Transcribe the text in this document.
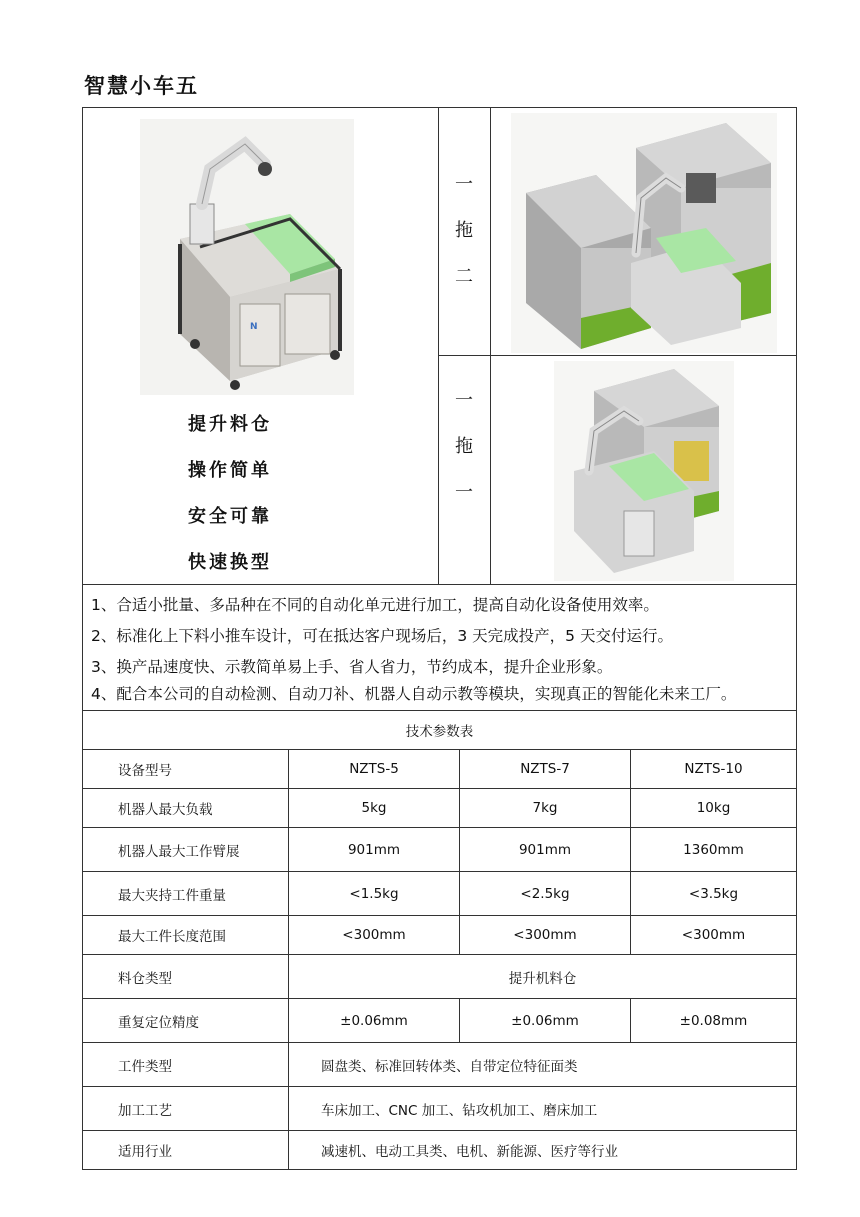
智慧小车五
N
提升料仓
操作简单
安全可靠
快速换型
一
拖
二
一
拖
一
1、合适小批量、多品种在不同的自动化单元进行加工，提高自动化设备使用效率。
2、标准化上下料小推车设计，可在抵达客户现场后，3 天完成投产，5 天交付运行。
3、换产品速度快、示教简单易上手、省人省力，节约成本，提升企业形象。
4、配合本公司的自动检测、自动刀补、机器人自动示教等模块，实现真正的智能化未来工厂。
技术参数表			
设备型号	NZTS-5	NZTS-7	NZTS-10
机器人最大负载	5kg	7kg	10kg
机器人最大工作臂展	901mm	901mm	1360mm
最大夹持工件重量	<1.5kg	<2.5kg	<3.5kg
最大工件长度范围	<300mm	<300mm	<300mm
料仓类型	提升机料仓		
重复定位精度	±0.06mm	±0.06mm	±0.08mm
工件类型	圆盘类、标准回转体类、自带定位特征面类		
加工工艺	车床加工、CNC 加工、钻攻机加工、磨床加工		
适用行业	减速机、电动工具类、电机、新能源、医疗等行业		
